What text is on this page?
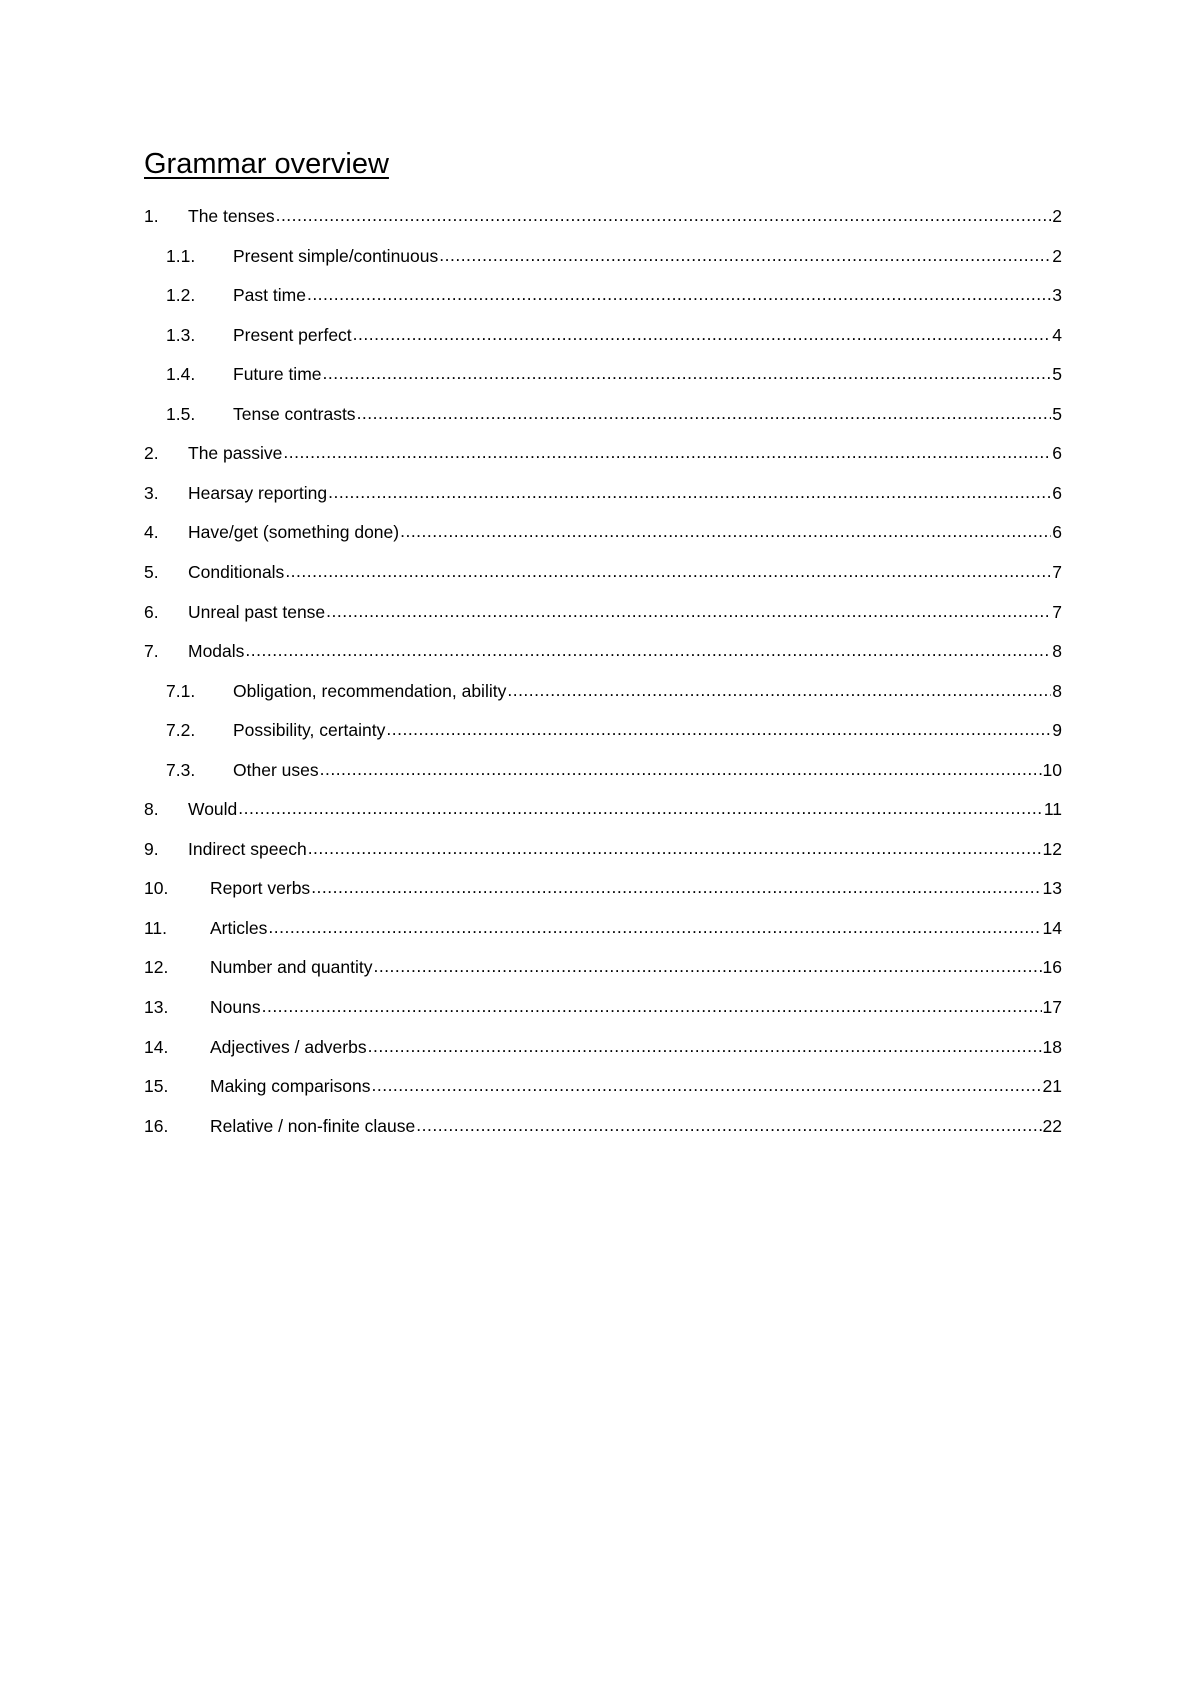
Grammar overview
1.	The tenses .....	2
1.1.	Present simple/continuous .....	2
1.2.	Past time .....	3
1.3.	Present perfect .....	4
1.4.	Future time .....	5
1.5.	Tense contrasts .....	5
2.	The passive .....	6
3.	Hearsay reporting .....	6
4.	Have/get (something done) .....	6
5.	Conditionals .....	7
6.	Unreal past tense .....	7
7.	Modals .....	8
7.1.	Obligation, recommendation, ability .....	8
7.2.	Possibility, certainty .....	9
7.3.	Other uses .....	10
8.	Would .....	11
9.	Indirect speech .....	12
10.	Report verbs .....	13
11.	Articles .....	14
12.	Number and quantity .....	16
13.	Nouns .....	17
14.	Adjectives / adverbs .....	18
15.	Making comparisons .....	21
16.	Relative / non-finite clause .....	22
